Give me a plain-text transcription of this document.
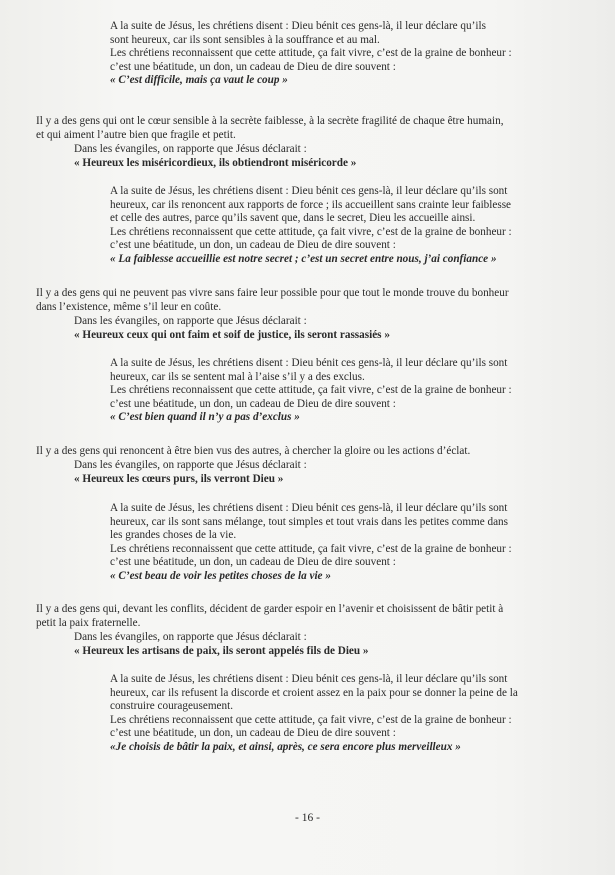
A la suite de Jésus, les chrétiens disent : Dieu bénit ces gens-là, il leur déclare qu’ils

sont heureux, car ils sont sensibles à la souffrance et au mal.

Les chrétiens reconnaissent que cette attitude, ça fait vivre, c’est de la graine de bonheur :

c’est une béatitude, un don, un cadeau de Dieu de dire souvent :

« C’est difficile, mais ça vaut le coup »

Il y a des gens qui ont le cœur sensible à la secrète faiblesse, à la secrète fragilité de chaque être humain,

et qui aiment l’autre bien que fragile et petit.

Dans les évangiles, on rapporte que Jésus déclarait :

« Heureux les miséricordieux, ils obtiendront miséricorde »

A la suite de Jésus, les chrétiens disent : Dieu bénit ces gens-là, il leur déclare qu’ils sont

heureux, car ils renoncent aux rapports de force ; ils accueillent sans crainte leur faiblesse

et celle des autres, parce qu’ils savent que, dans le secret, Dieu les accueille ainsi.

Les chrétiens reconnaissent que cette attitude, ça fait vivre, c’est de la graine de bonheur :

c’est une béatitude, un don, un cadeau de Dieu de dire souvent :

« La faiblesse accueillie est notre secret ; c’est un secret entre nous, j’ai confiance »

Il y a des gens qui ne peuvent pas vivre sans faire leur possible pour que tout le monde trouve du bonheur

dans l’existence, même s’il leur en coûte.

Dans les évangiles, on rapporte que Jésus déclarait :

« Heureux ceux qui ont faim et soif de justice, ils seront rassasiés »

A la suite de Jésus, les chrétiens disent : Dieu bénit ces gens-là, il leur déclare qu’ils sont

heureux, car ils se sentent mal à l’aise s’il y a des exclus.

Les chrétiens reconnaissent que cette attitude, ça fait vivre, c’est de la graine de bonheur :

c’est une béatitude, un don, un cadeau de Dieu de dire souvent :

« C’est bien quand il n’y a pas d’exclus »

Il y a des gens qui renoncent à être bien vus des autres, à chercher la gloire ou les actions d’éclat.

Dans les évangiles, on rapporte que Jésus déclarait :

« Heureux les cœurs purs, ils verront Dieu »

A la suite de Jésus, les chrétiens disent : Dieu bénit ces gens-là, il leur déclare qu’ils sont

heureux, car ils sont sans mélange, tout simples et tout vrais dans les petites comme dans

les grandes choses de la vie.

Les chrétiens reconnaissent que cette attitude, ça fait vivre, c’est de la graine de bonheur :

c’est une béatitude, un don, un cadeau de Dieu de dire souvent :

« C’est beau de voir les petites choses de la vie »

Il y a des gens qui, devant les conflits, décident de garder espoir en l’avenir et choisissent de bâtir petit à

petit la paix fraternelle.

Dans les évangiles, on rapporte que Jésus déclarait :

« Heureux les artisans de paix, ils seront appelés fils de Dieu »

A la suite de Jésus, les chrétiens disent : Dieu bénit ces gens-là, il leur déclare qu’ils sont

heureux, car ils refusent la discorde et croient assez en la paix pour se donner la peine de la

construire courageusement.

Les chrétiens reconnaissent que cette attitude, ça fait vivre, c’est de la graine de bonheur :

c’est une béatitude, un don, un cadeau de Dieu de dire souvent :

«Je choisis de bâtir la paix, et ainsi, après, ce sera encore plus merveilleux »

- 16 -
